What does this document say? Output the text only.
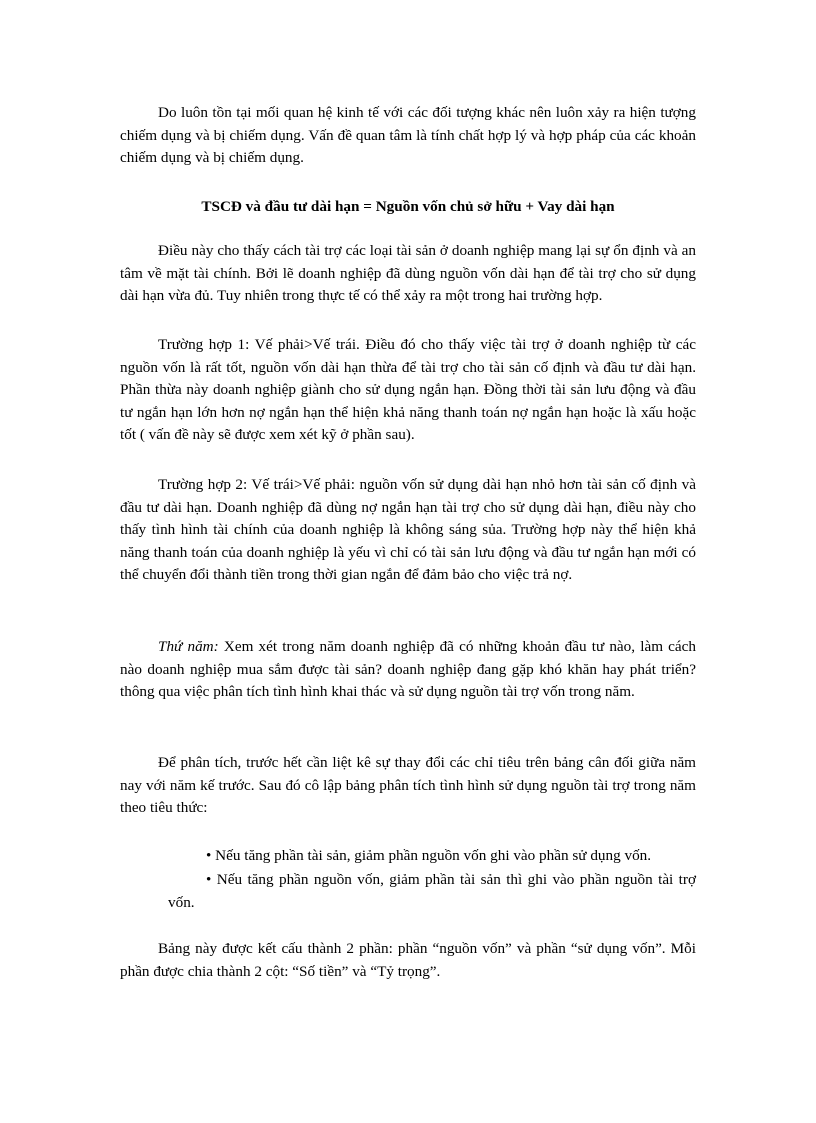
Do luôn tồn tại mối quan hệ kinh tế với các đối tượng khác nên luôn xảy ra hiện tượng chiếm dụng và bị chiếm dụng. Vấn đề quan tâm là tính chất hợp lý và hợp pháp của các khoản chiếm dụng và bị chiếm dụng.

TSCĐ và đầu tư dài hạn = Nguồn vốn chủ sở hữu + Vay dài hạn

Điều này cho thấy cách tài trợ các loại tài sản ở doanh nghiệp mang lại sự ổn định và an tâm về mặt tài chính. Bởi lẽ doanh nghiệp đã dùng nguồn vốn dài hạn để tài trợ cho sử dụng dài hạn vừa đủ. Tuy nhiên trong thực tế có thể xảy ra một trong hai trường hợp.

Trường hợp 1: Vế phải>Vế trái. Điều đó cho thấy việc tài trợ ở doanh nghiệp từ các nguồn vốn là rất tốt, nguồn vốn dài hạn thừa để tài trợ cho tài sản cố định và đầu tư dài hạn. Phần thừa này doanh nghiệp giành cho sử dụng ngắn hạn. Đồng thời tài sản lưu động và đầu tư ngắn hạn lớn hơn nợ ngắn hạn thể hiện khả năng thanh toán nợ ngắn hạn hoặc là xấu hoặc tốt ( vấn đề này sẽ được xem xét kỹ ở phần sau).

Trường hợp 2: Vế trái>Vế phải: nguồn vốn sử dụng dài hạn nhỏ hơn tài sản cố định và đầu tư dài hạn. Doanh nghiệp đã dùng nợ ngắn hạn tài trợ cho sử dụng dài hạn, điều này cho thấy tình hình tài chính của doanh nghiệp là không sáng sủa. Trường hợp này thể hiện khả năng thanh toán của doanh nghiệp là yếu vì chỉ có tài sản lưu động và đầu tư ngắn hạn mới có thể chuyển đổi thành tiền trong thời gian ngắn để đảm bảo cho việc trả nợ.

Thứ năm: Xem xét trong năm doanh nghiệp đã có những khoản đầu tư nào, làm cách nào doanh nghiệp mua sắm được tài sản? doanh nghiệp đang gặp khó khăn hay phát triển? thông qua việc phân tích tình hình khai thác và sử dụng nguồn tài trợ vốn trong năm.

Để phân tích, trước hết cần liệt kê sự thay đổi các chỉ tiêu trên bảng cân đối giữa năm nay với năm kế trước. Sau đó cô lập bảng phân tích tình hình sử dụng nguồn tài trợ trong năm theo tiêu thức:

• Nếu tăng phần tài sản, giảm phần nguồn vốn ghi vào phần sử dụng vốn.

• Nếu tăng phần nguồn vốn, giảm phần tài sản thì ghi vào phần nguồn tài trợ vốn.

Bảng này được kết cấu thành 2 phần: phần “nguồn vốn” và phần “sử dụng vốn”. Mỗi phần được chia thành 2 cột: “Số tiền” và “Tỷ trọng”.
